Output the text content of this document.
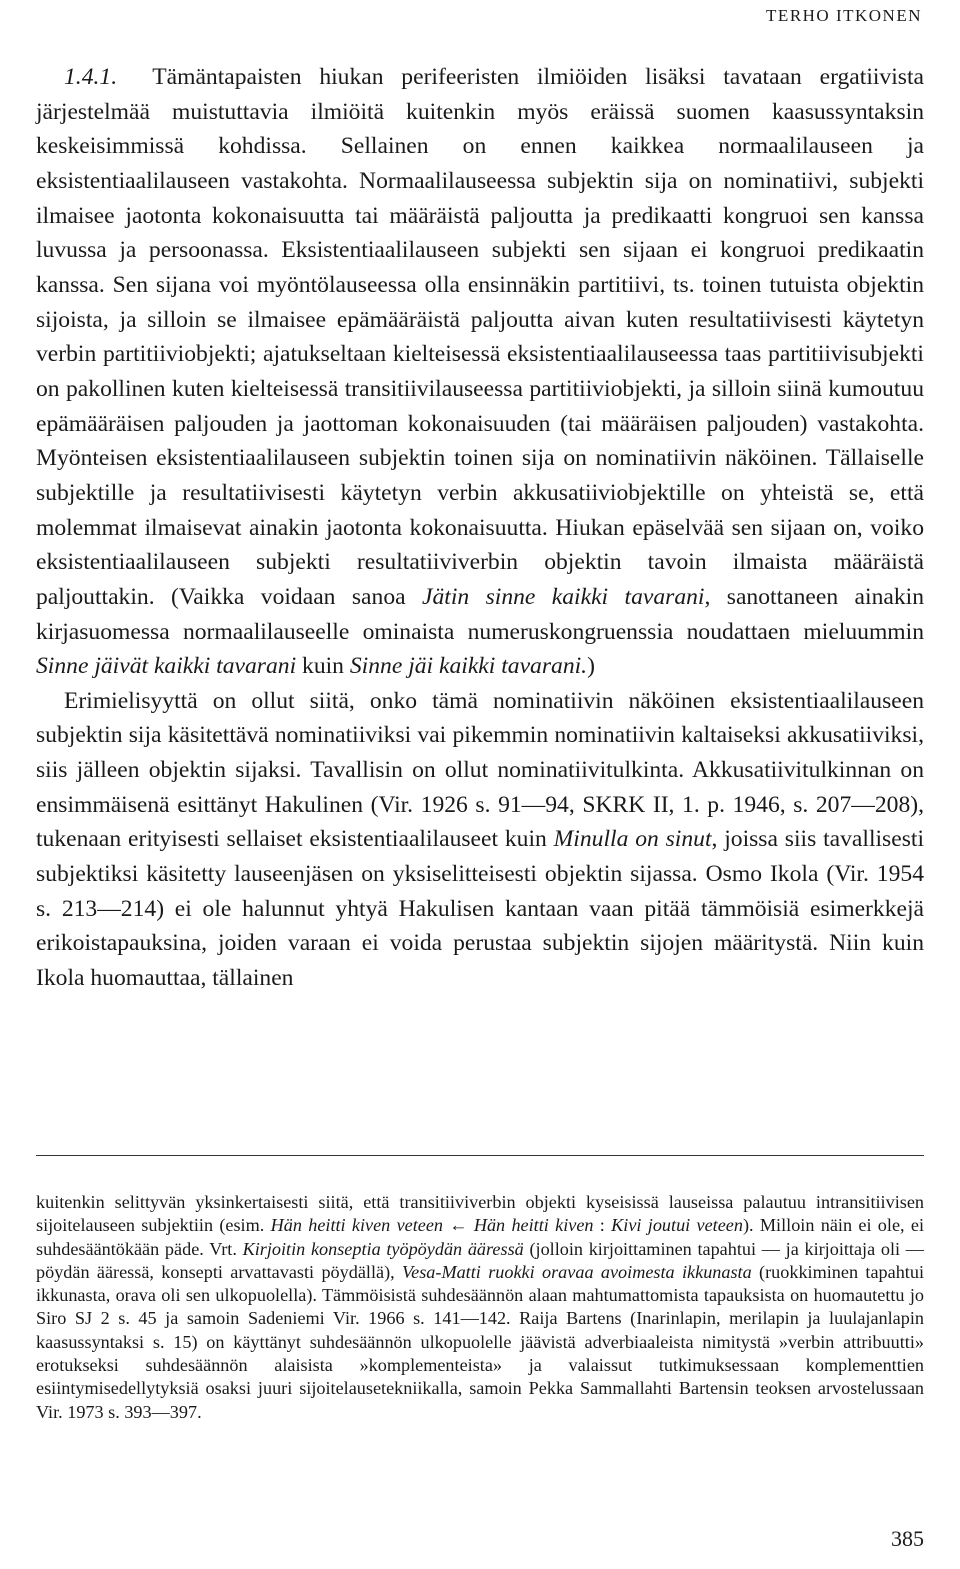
TERHO ITKONEN

1.4.1. Tämäntapaisten hiukan perifeeristen ilmiöiden lisäksi tavataan ergatiivista järjestelmää muistuttavia ilmiöitä kuitenkin myös eräissä suomen kaasussyntaksin keskeisimmissä kohdissa. Sellainen on ennen kaikkea normaalilauseen ja eksistentiaalilauseen vastakohta. Normaalilauseessa subjektin sija on nominatiivi, subjekti ilmaisee jaotonta kokonaisuutta tai määräistä paljoutta ja predikaatti kongruoi sen kanssa luvussa ja persoonassa. Eksistentiaalilauseen subjekti sen sijaan ei kongruoi predikaatin kanssa. Sen sijana voi myöntölauseessa olla ensinnäkin partitiivi, ts. toinen tutuista objektin sijoista, ja silloin se ilmaisee epämääräistä paljoutta aivan kuten resultatiivisesti käytetyn verbin partitiiviobjekti; ajatukseltaan kielteisessä eksistentiaalilauseessa taas partitiivisubjekti on pakollinen kuten kielteisessä transitiivilauseessa partitiiviobjekti, ja silloin siinä kumoutuu epämääräisen paljouden ja jaottoman kokonaisuuden (tai määräisen paljouden) vastakohta. Myönteisen eksistentiaalilauseen subjektin toinen sija on nominatiivin näköinen. Tällaiselle subjektille ja resultatiivisesti käytetyn verbin akkusatiiviobjektille on yhteistä se, että molemmat ilmaisevat ainakin jaotonta kokonaisuutta. Hiukan epäselvää sen sijaan on, voiko eksistentiaalilauseen subjekti resultatiiviverbin objektin tavoin ilmaista määräistä paljouttakin. (Vaikka voidaan sanoa Jätin sinne kaikki tavarani, sanottaneen ainakin kirjasuomessa normaalilauseelle ominaista numeruskongruenssia noudattaen mieluummin Sinne jäivät kaikki tavarani kuin Sinne jäi kaikki tavarani.)

Erimielisyyttä on ollut siitä, onko tämä nominatiivin näköinen eksistentiaalilauseen subjektin sija käsitettävä nominatiiviksi vai pikemmin nominatiivin kaltaiseksi akkusatiiviksi, siis jälleen objektin sijaksi. Tavallisin on ollut nominatiivitulkinta. Akkusatiivitulkinnan on ensimmäisenä esittänyt Hakulinen (Vir. 1926 s. 91—94, SKRK II, 1. p. 1946, s. 207—208), tukenaan erityisesti sellaiset eksistentiaalilauseet kuin Minulla on sinut, joissa siis tavallisesti subjektiksi käsitetty lauseenjäsen on yksiselitteisesti objektin sijassa. Osmo Ikola (Vir. 1954 s. 213—214) ei ole halunnut yhtyä Hakulisen kantaan vaan pitää tämmöisiä esimerkkejä erikoistapauksina, joiden varaan ei voida perustaa subjektin sijojen määritystä. Niin kuin Ikola huomauttaa, tällainen

kuitenkin selittyvän yksinkertaisesti siitä, että transitiiviverbin objekti kyseisissä lauseissa palautuu intransitiivisen sijoitelauseen subjektiin (esim. Hän heitti kiven veteen ← Hän heitti kiven : Kivi joutui veteen). Milloin näin ei ole, ei suhdesääntökään päde. Vrt. Kirjoitin konseptia työpöydän ääressä (jolloin kirjoittaminen tapahtui — ja kirjoittaja oli — pöydän ääressä, konsepti arvattavasti pöydällä), Vesa-Matti ruokki oravaa avoimesta ikkunasta (ruokkiminen tapahtui ikkunasta, orava oli sen ulkopuolella). Tämmöisistä suhdesäännön alaan mahtumattomista tapauksista on huomautettu jo Siro SJ 2 s. 45 ja samoin Sadeniemi Vir. 1966 s. 141—142. Raija Bartens (Inarinlapin, merilapin ja luulajanlapin kaasussyntaksi s. 15) on käyttänyt suhdesäännön ulkopuolelle jäävistä adverbiaaleista nimitystä »verbin attribuutti» erotukseksi suhdesäännön alaisista »komplementeista» ja valaissut tutkimuksessaan komplementtien esiintymisedellytyksiä osaksi juuri sijoitelausetekniikalla, samoin Pekka Sammallahti Bartensin teoksen arvostelussaan Vir. 1973 s. 393—397.

385
